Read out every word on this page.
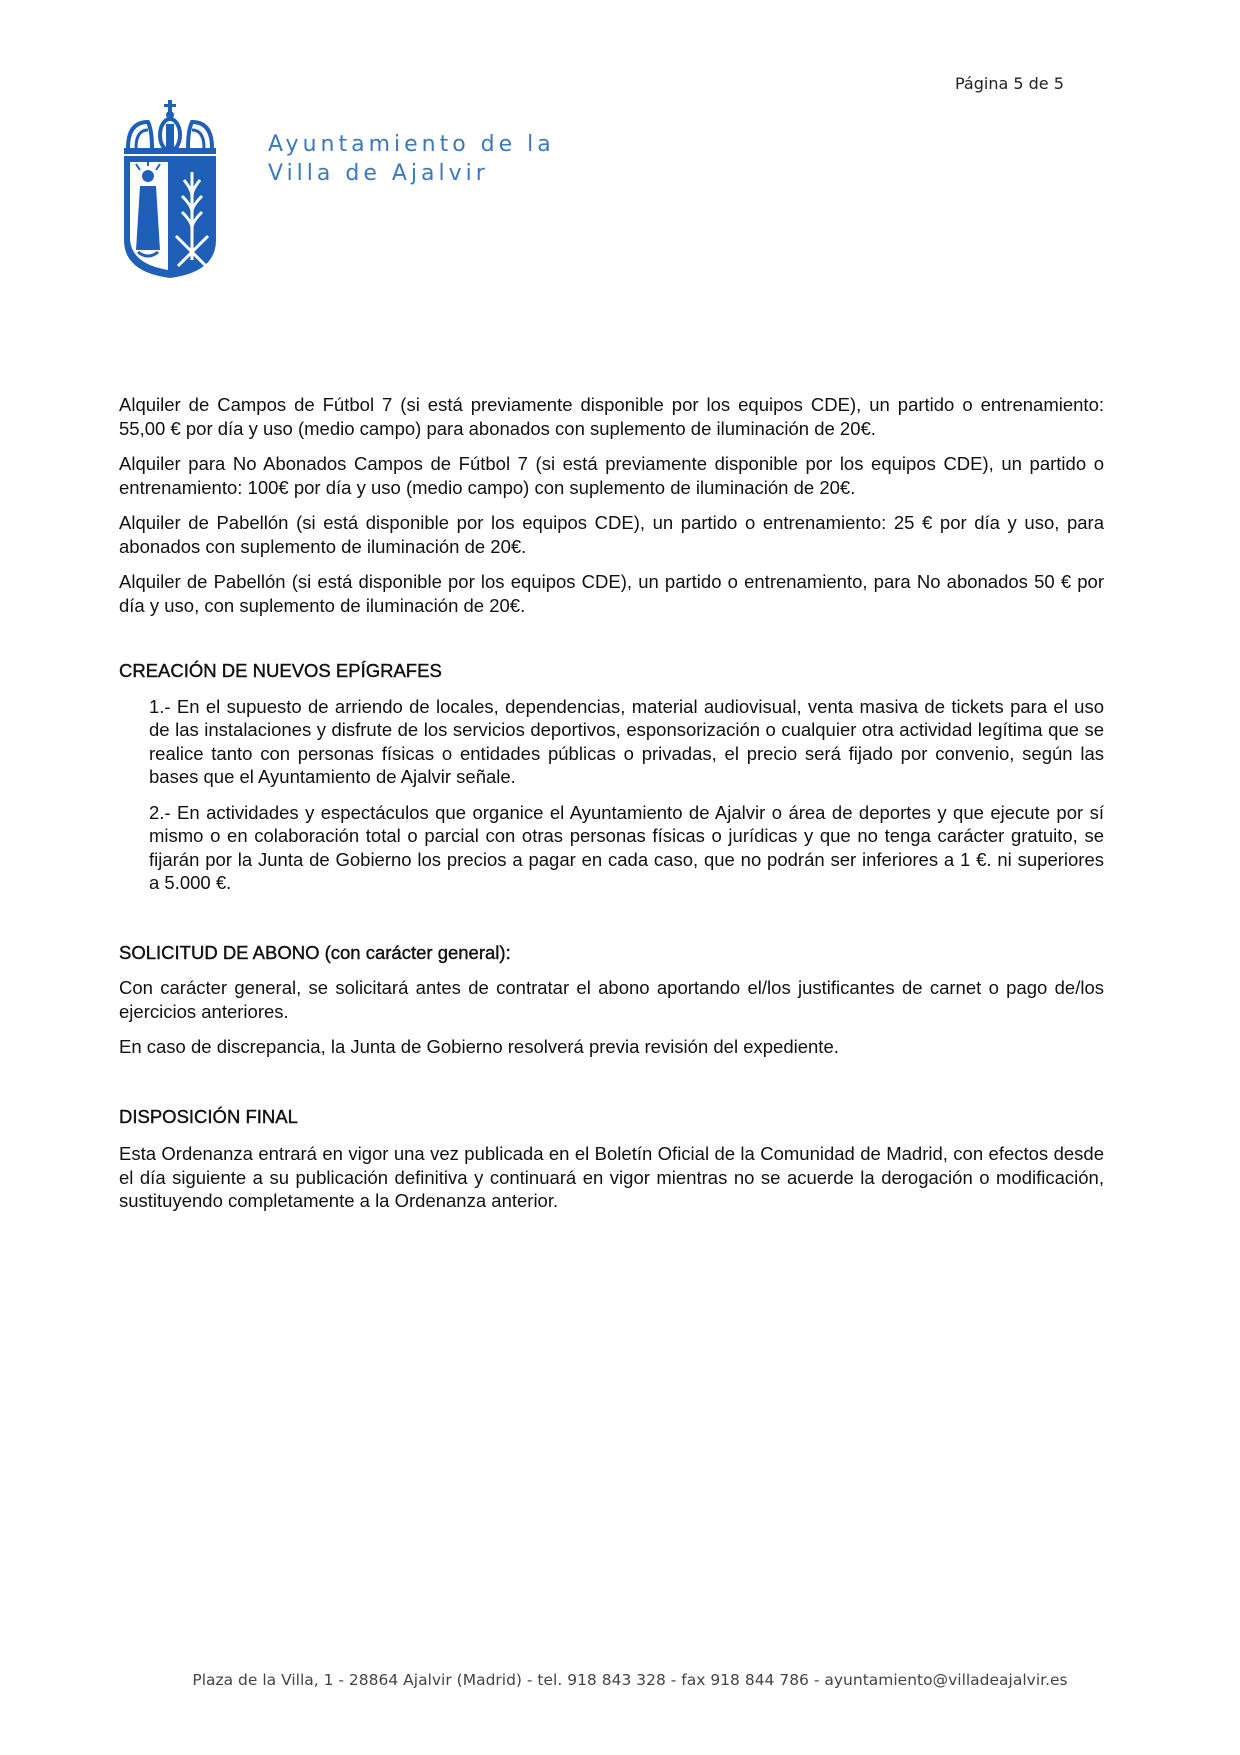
Página 5 de 5
Ayuntamiento de la
Villa de Ajalvir

Alquiler de Campos de Fútbol 7 (si está previamente disponible por los equipos CDE), un partido o entrenamiento: 55,00 € por día y uso (medio campo) para abonados con suplemento de iluminación de 20€.

Alquiler para No Abonados Campos de Fútbol 7 (si está previamente disponible por los equipos CDE), un partido o entrenamiento: 100€ por día y uso (medio campo) con suplemento de iluminación de 20€.

Alquiler de Pabellón (si está disponible por los equipos CDE), un partido o entrenamiento: 25 € por día y uso, para abonados con suplemento de iluminación de 20€.

Alquiler de Pabellón (si está disponible por los equipos CDE), un partido o entrenamiento, para No abonados 50 € por día y uso, con suplemento de iluminación de 20€.

CREACIÓN DE NUEVOS EPÍGRAFES

1.- En el supuesto de arriendo de locales, dependencias, material audiovisual, venta masiva de tickets para el uso de las instalaciones y disfrute de los servicios deportivos, esponsorización o cualquier otra actividad legítima que se realice tanto con personas físicas o entidades públicas o privadas, el precio será fijado por convenio, según las bases que el Ayuntamiento de Ajalvir señale.

2.- En actividades y espectáculos que organice el Ayuntamiento de Ajalvir o área de deportes y que ejecute por sí mismo o en colaboración total o parcial con otras personas físicas o jurídicas y que no tenga carácter gratuito, se fijarán por la Junta de Gobierno los precios a pagar en cada caso, que no podrán ser inferiores a 1 €. ni superiores a 5.000 €.

SOLICITUD DE ABONO (con carácter general):

Con carácter general, se solicitará antes de contratar el abono aportando el/los justificantes de carnet o pago de/los ejercicios anteriores.

En caso de discrepancia, la Junta de Gobierno resolverá previa revisión del expediente.

DISPOSICIÓN FINAL

Esta Ordenanza entrará en vigor una vez publicada en el Boletín Oficial de la Comunidad de Madrid, con efectos desde el día siguiente a su publicación definitiva y continuará en vigor mientras no se acuerde la derogación o modificación, sustituyendo completamente a la Ordenanza anterior.

Plaza de la Villa, 1 - 28864 Ajalvir (Madrid) - tel. 918 843 328 - fax 918 844 786 - ayuntamiento@villadeajalvir.es
